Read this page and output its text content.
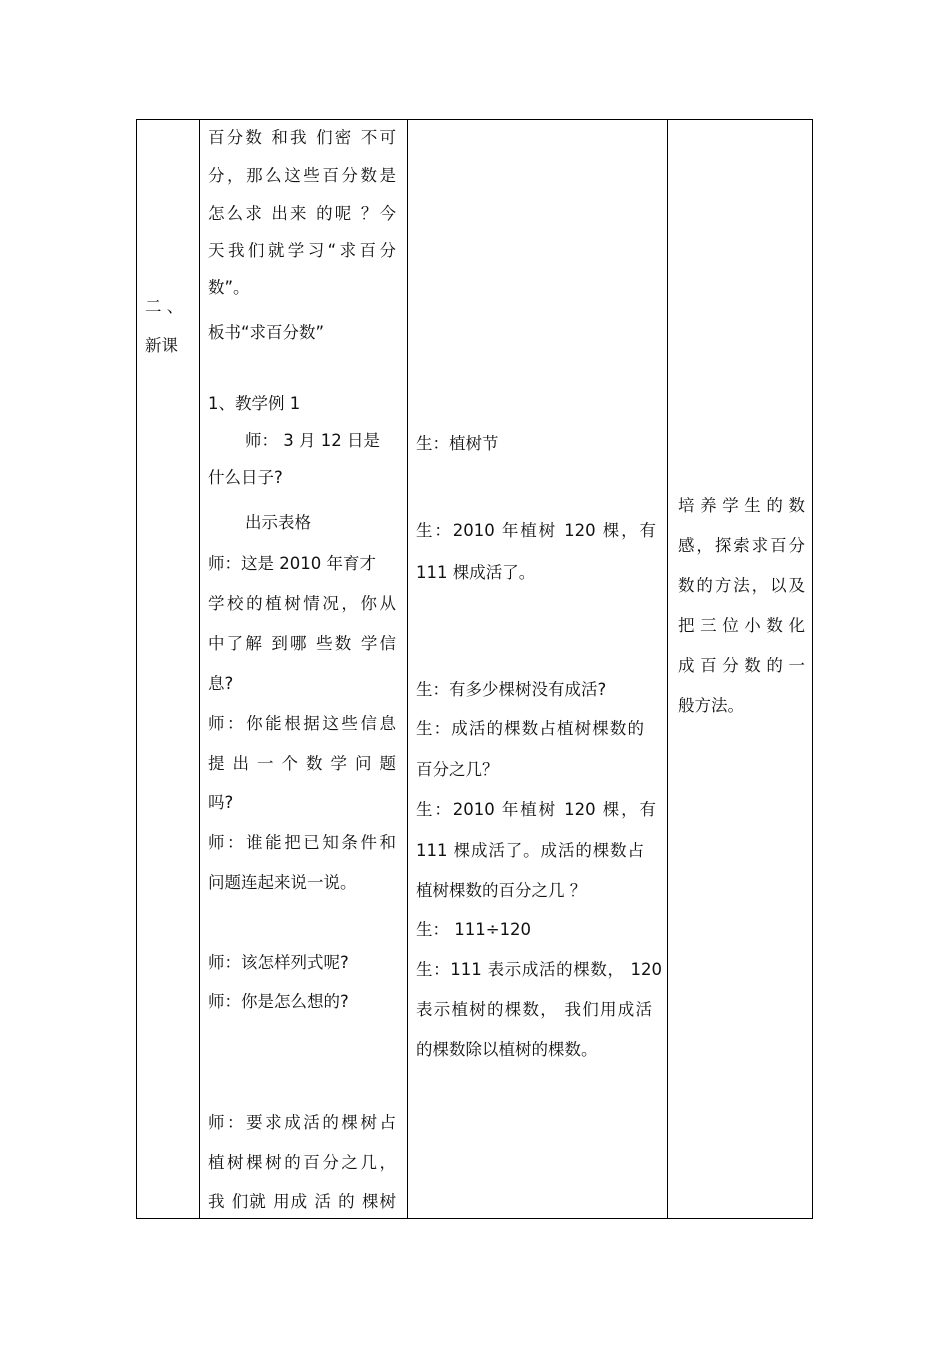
二 、
新课
百分数 和我 们密 不可
分，那么这些百分数是
怎么求 出来 的呢 ？今
天我们就学习“求百分
数”。
板书“求百分数”
1、教学例 1
师： 3 月 12 日是
什么日子?
出示表格
师：这是 2010 年育才
学校的植树情况，你从
中了解 到哪 些数 学信
息?
师：你能根据这些信息
提 出 一 个 数 学 问 题
吗?
师：谁能把已知条件和
问题连起来说一说。
师：该怎样列式呢?
师：你是怎么想的?
师：要求成活的棵树占
植树棵树的百分之几，
我 们就 用成 活 的 棵树
生：植树节
生：2010 年植树 120 棵，有
111 棵成活了。
生：有多少棵树没有成活?
生：成活的棵数占植树棵数的
百分之几？
生：2010 年植树 120 棵，有
111 棵成活了。成活的棵数占
植树棵数的百分之几 ？
生： 111÷120
生：111 表示成活的棵数， 120
表示植树的棵数， 我们用成活
的棵数除以植树的棵数。
培 养 学 生 的 数
感，探索求百分
数的方法，以及
把 三 位 小 数 化
成 百 分 数 的 一
般方法。
